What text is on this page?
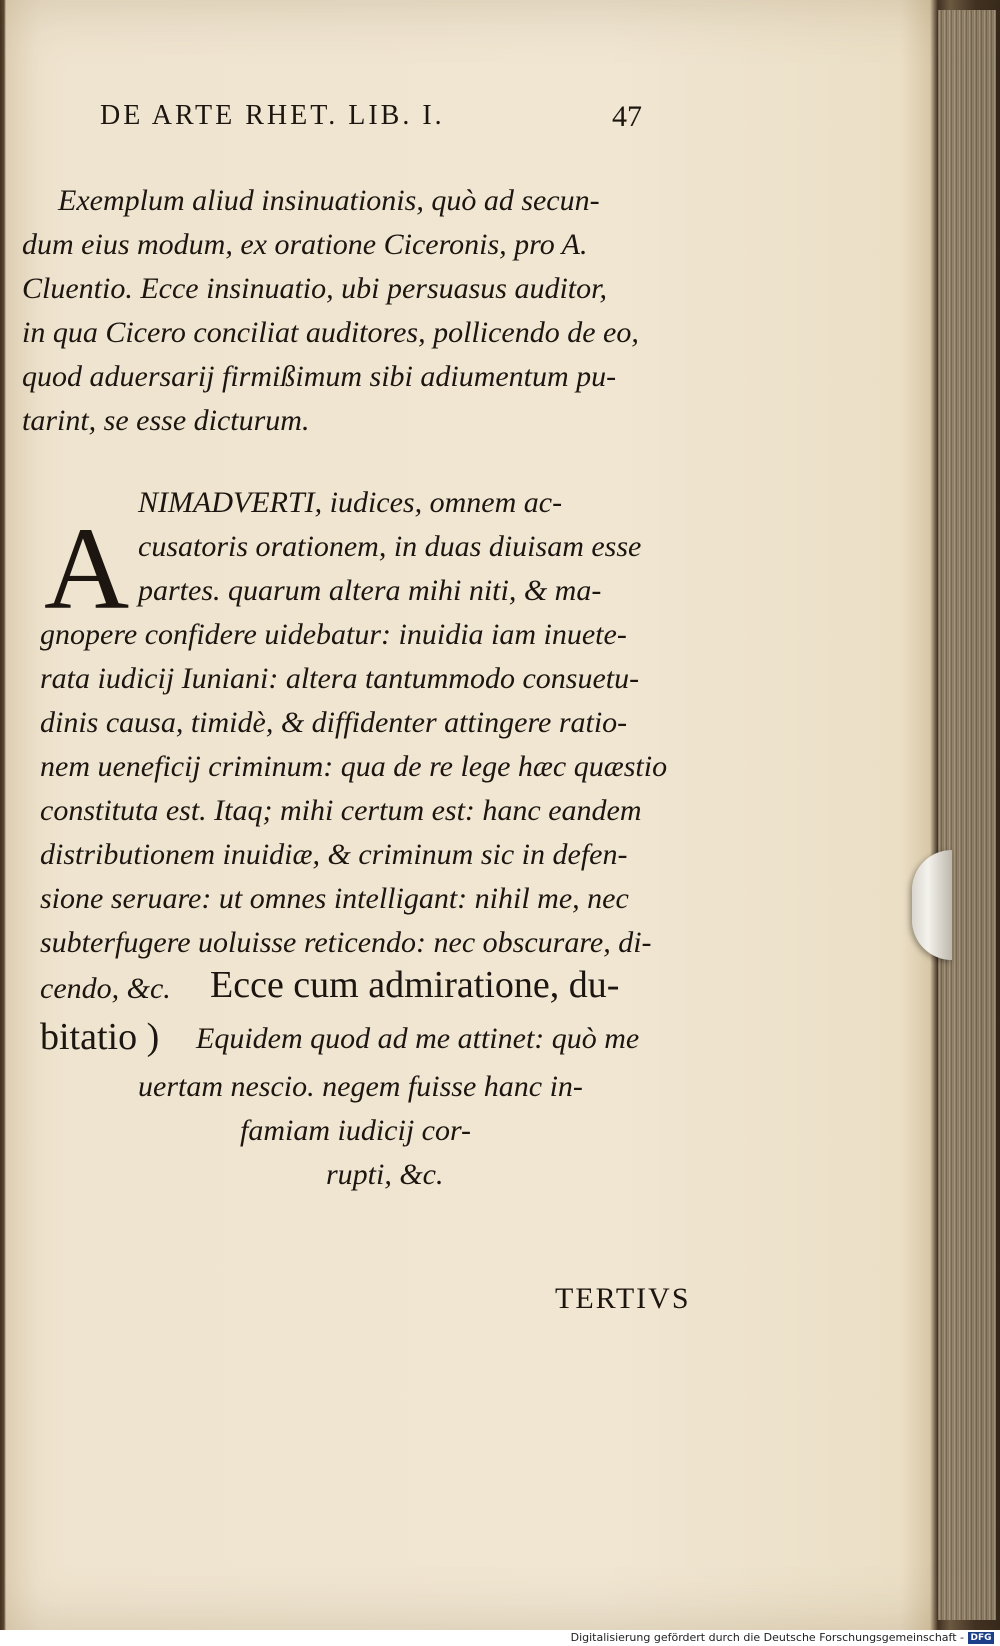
DE ARTE RHET. LIB. I.	47
Exemplum aliud insinuationis, quò ad secun-
dum eius modum, ex oratione Ciceronis, pro A.
Cluentio. Ecce insinuatio, ubi persuasus auditor,
in qua Cicero conciliat auditores, pollicendo de eo,
quod aduersarij firmißimum sibi adiumentum pu-
tarint, se esse dicturum.
A
NIMADVERTI, iudices, omnem ac-
cusatoris orationem, in duas diuisam esse
partes. quarum altera mihi niti, & ma-
gnopere confidere uidebatur: inuidia iam inuete-
rata iudicij Iuniani: altera tantummodo consuetu-
dinis causa, timidè, & diffidenter attingere ratio-
nem ueneficij criminum: qua de re lege hæc quæstio
constituta est. Itaq; mihi certum est: hanc eandem
distributionem inuidiæ, & criminum sic in defen-
sione seruare: ut omnes intelligant: nihil me, nec
subterfugere uoluisse reticendo: nec obscurare, di-
cendo, &c. Ecce cum admiratione, du-
bitatio ) Equidem quod ad me attinet: quò me
uertam nescio. negem fuisse hanc in-
famiam iudicij cor-
rupti, &c.
TERTIVS
Digitalisierung gefördert durch die Deutsche Forschungsgemeinschaft - DFG
